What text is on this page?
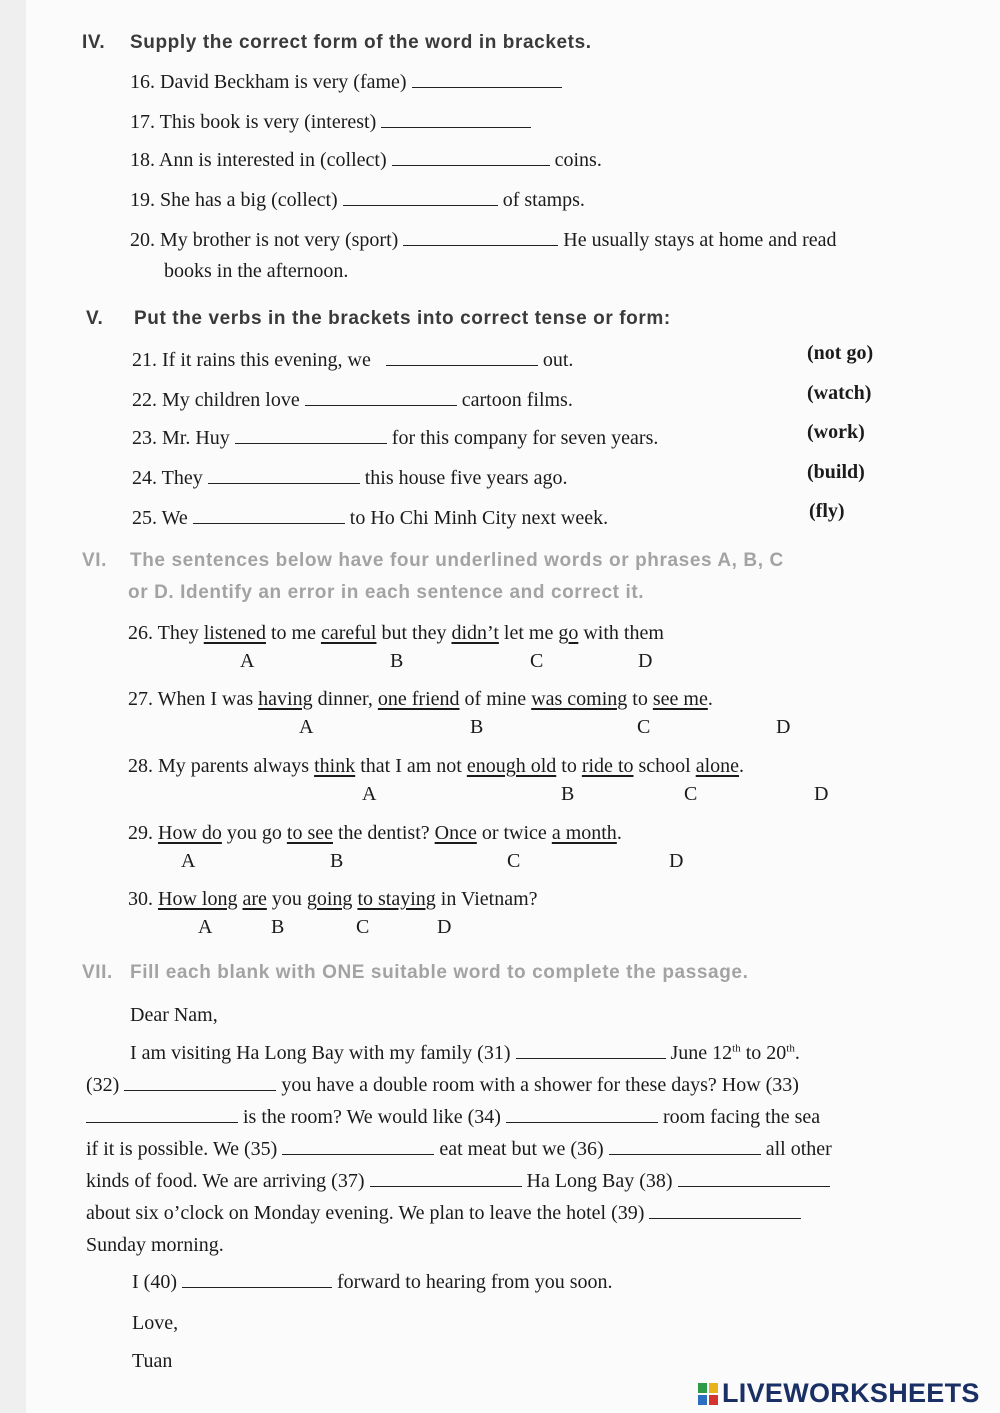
IV. Supply the correct form of the word in brackets.
16. David Beckham is very (fame)
17. This book is very (interest)
18. Ann is interested in (collect)	coins.
19. She has a big (collect)	of stamps.
20. My brother is not very (sport)	He usually stays at home and read
books in the afternoon.
V. Put the verbs in the brackets into correct tense or form:
21. If it rains this evening, we	out.	(not go)
22. My children love	cartoon films.	(watch)
23. Mr. Huy	for this company for seven years.	(work)
24. They	this house five years ago.	(build)
25. We	to Ho Chi Minh City next week.	(fly)
VI. The sentences below have four underlined words or phrases A, B, C
or D. Identify an error in each sentence and correct it.
26. They listened to me careful but they didn’t let me go with them
A	B	C	D
27. When I was having dinner, one friend of mine was coming to see me.
A	B	C	D
28. My parents always think that I am not enough old to ride to school alone.
A	B	C	D
29. How do you go to see the dentist? Once or twice a month.
A	B	C	D
30. How long are you going to staying in Vietnam?
A	B	C	D
VII. Fill each blank with ONE suitable word to complete the passage.
Dear Nam,
I am visiting Ha Long Bay with my family (31)	June 12th to 20th.
(32)	you have a double room with a shower for these days? How (33)
is the room? We would like (34)	room facing the sea
if it is possible. We (35)	eat meat but we (36)	all other
kinds of food. We are arriving (37)	Ha Long Bay (38)
about six o’clock on Monday evening. We plan to leave the hotel (39)
Sunday morning.
I (40)	forward to hearing from you soon.
Love,
Tuan
LIVEWORKSHEETS
